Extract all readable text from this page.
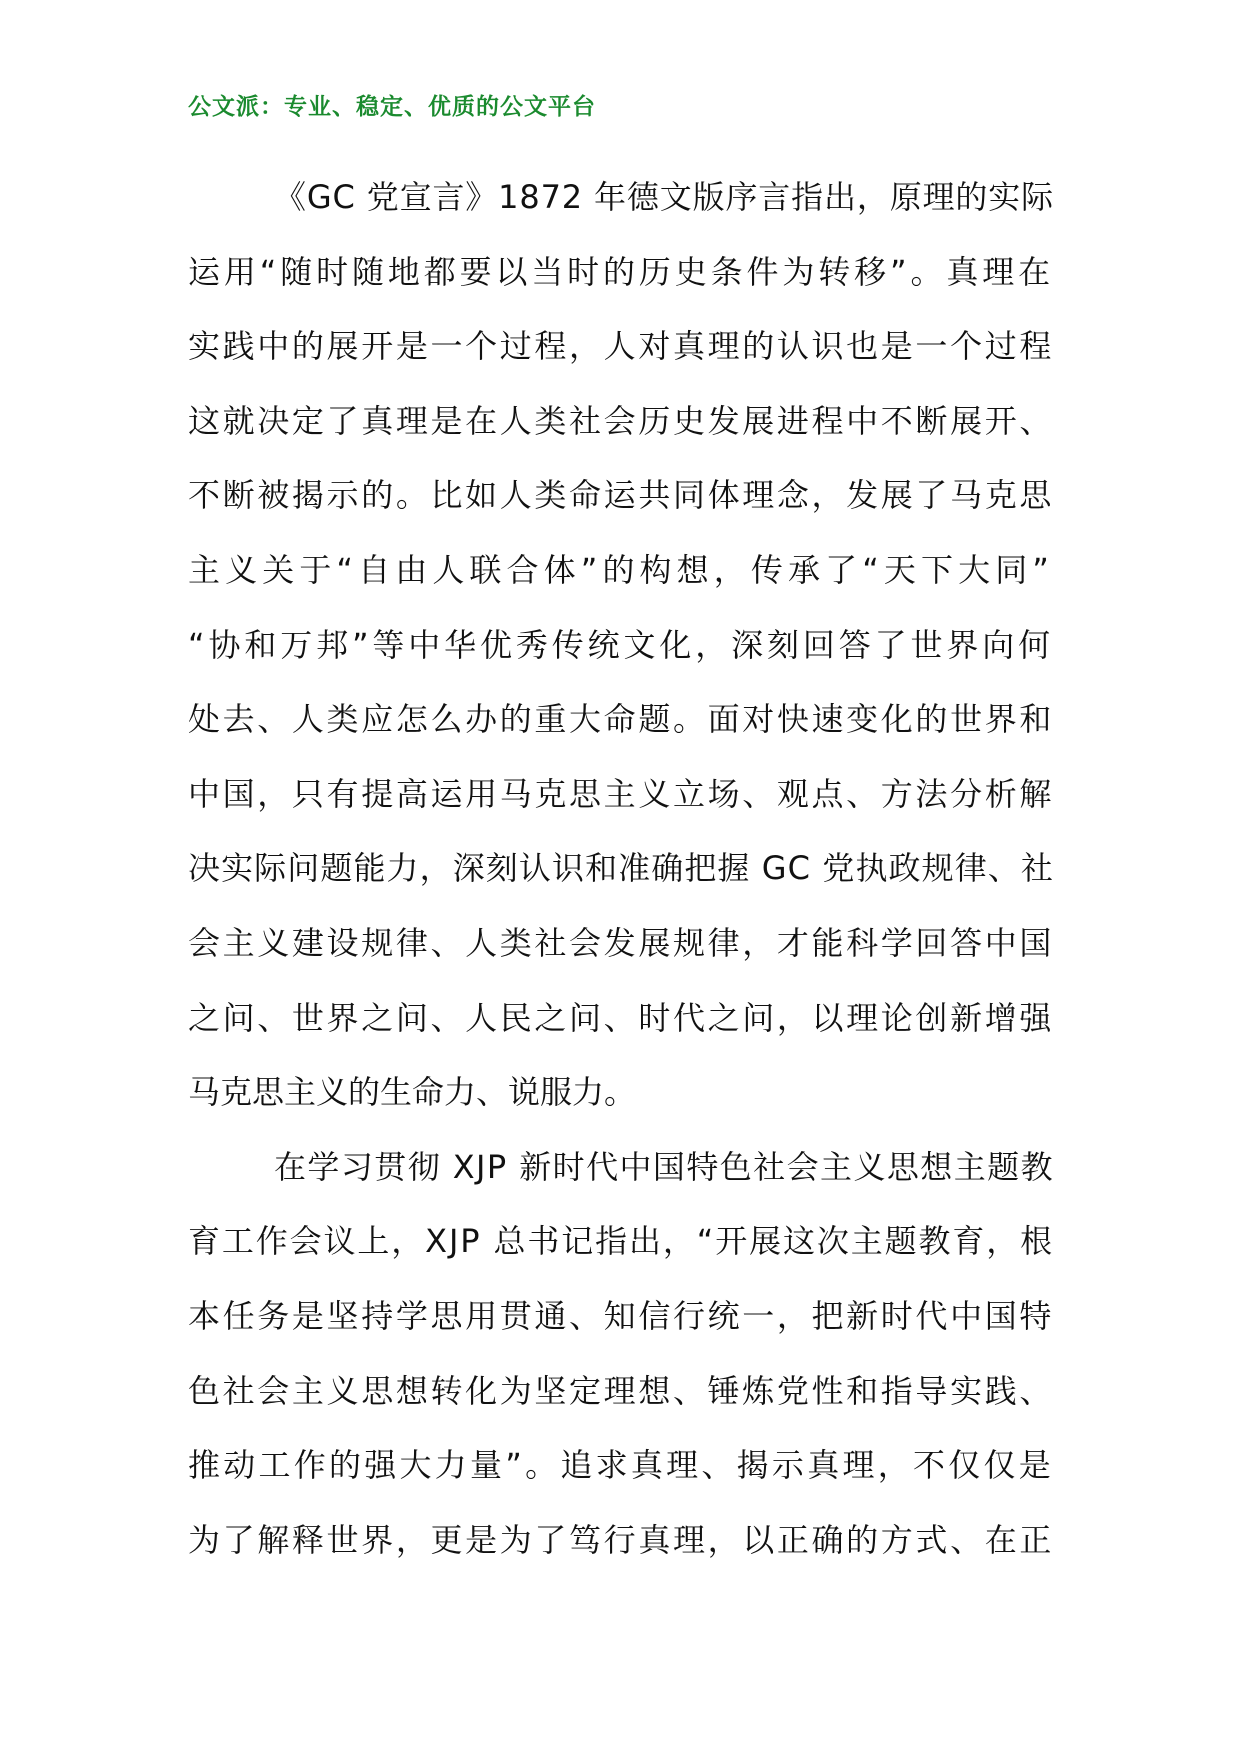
公文派：专业、稳定、优质的公文平台
《GC 党宣言》1872 年德文版序言指出，原理的实际
运用“随时随地都要以当时的历史条件为转移”。真理在
实践中的展开是一个过程，人对真理的认识也是一个过程
这就决定了真理是在人类社会历史发展进程中不断展开、
不断被揭示的。比如人类命运共同体理念，发展了马克思
主义关于“自由人联合体”的构想，传承了“天下大同”
“协和万邦”等中华优秀传统文化，深刻回答了世界向何
处去、人类应怎么办的重大命题。面对快速变化的世界和
中国，只有提高运用马克思主义立场、观点、方法分析解
决实际问题能力，深刻认识和准确把握 GC 党执政规律、社
会主义建设规律、人类社会发展规律，才能科学回答中国
之问、世界之问、人民之问、时代之问，以理论创新增强
马克思主义的生命力、说服力。
在学习贯彻 XJP 新时代中国特色社会主义思想主题教
育工作会议上，XJP 总书记指出，“开展这次主题教育，根
本任务是坚持学思用贯通、知信行统一，把新时代中国特
色社会主义思想转化为坚定理想、锤炼党性和指导实践、
推动工作的强大力量”。追求真理、揭示真理，不仅仅是
为了解释世界，更是为了笃行真理，以正确的方式、在正
